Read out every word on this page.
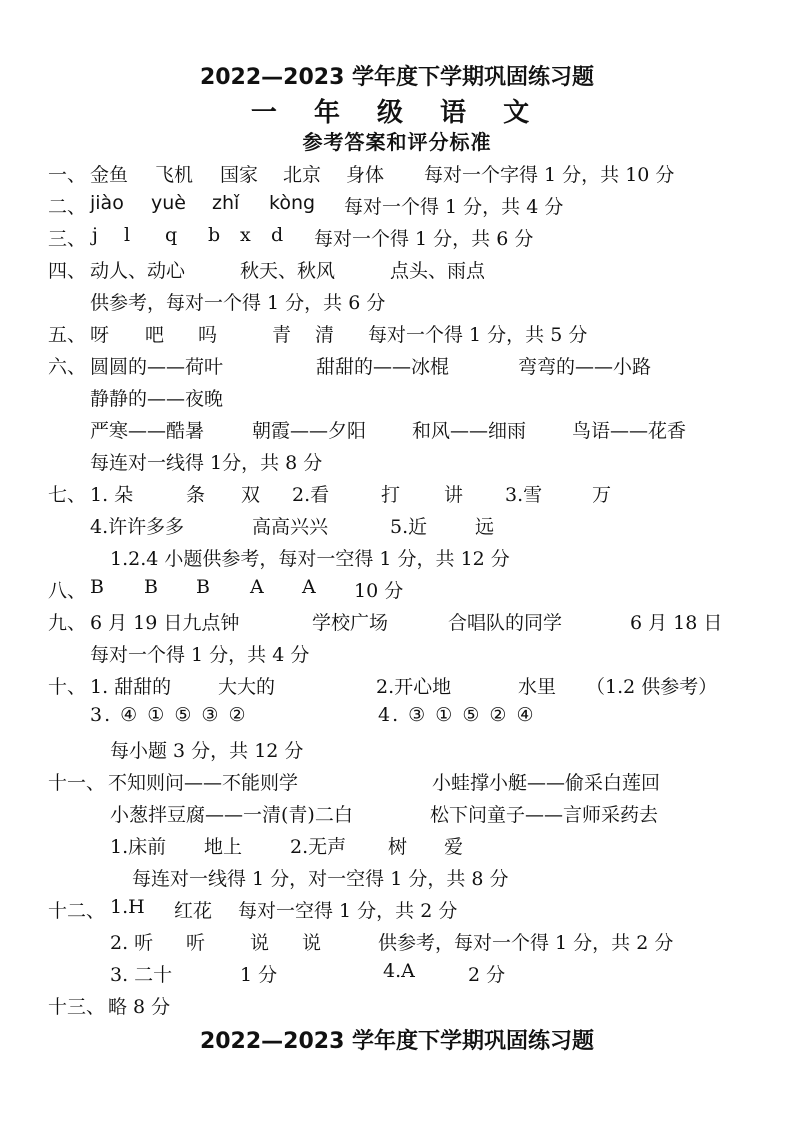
2022—2023 学年度下学期巩固练习题
一 年 级 语 文
参考答案和评分标准
一、 金鱼 飞机 国家 北京 身体 每对一个字得 1 分，共 10 分
二、 jiào yuè zhǐ kòng 每对一个得 1 分，共 4 分
三、 j l q b x d 每对一个得 1 分，共 6 分
四、 动人、动心	秋天、秋风	点头、雨点
供参考，每对一个得 1 分，共 6 分
五、 呀 吧 吗	青 清 每对一个得 1 分，共 5 分
六、 圆圆的——荷叶	甜甜的——冰棍	弯弯的——小路
静静的——夜晚
严寒——酷暑	朝霞——夕阳 和风——细雨 鸟语——花香
每连对一线得 1分，共 8 分
七、 1. 朵	条 双 2.看	打 讲 3.雪	万
4.许许多多	高高兴兴	5.近	远
1.2.4 小题供参考，每对一空得 1 分，共 12 分
八、 B B B A A 10 分
九、 6 月 19 日九点钟	学校广场	合唱队的同学	6 月 18 日
每对一个得 1 分，共 4 分
十、 1. 甜甜的 大大的	2.开心地	水里 （1.2 供参考）
3. ④ ① ⑤ ③ ②	4. ③ ① ⑤ ② ④
每小题 3 分，共 12 分
十一、 不知则问——不能则学	小蛙撑小艇——偷采白莲回
小葱拌豆腐——一清(青)二白	松下问童子——言师采药去
1.床前 地上	2.无声 树 爱
每连对一线得 1 分，对一空得 1 分，共 8 分
十二、 1.H 红花 每对一空得 1 分，共 2 分
2. 听 听 说 说	供参考，每对一个得 1 分，共 2 分
3. 二十	1 分	4.A	2 分
十三、 略 8 分
2022—2023 学年度下学期巩固练习题
